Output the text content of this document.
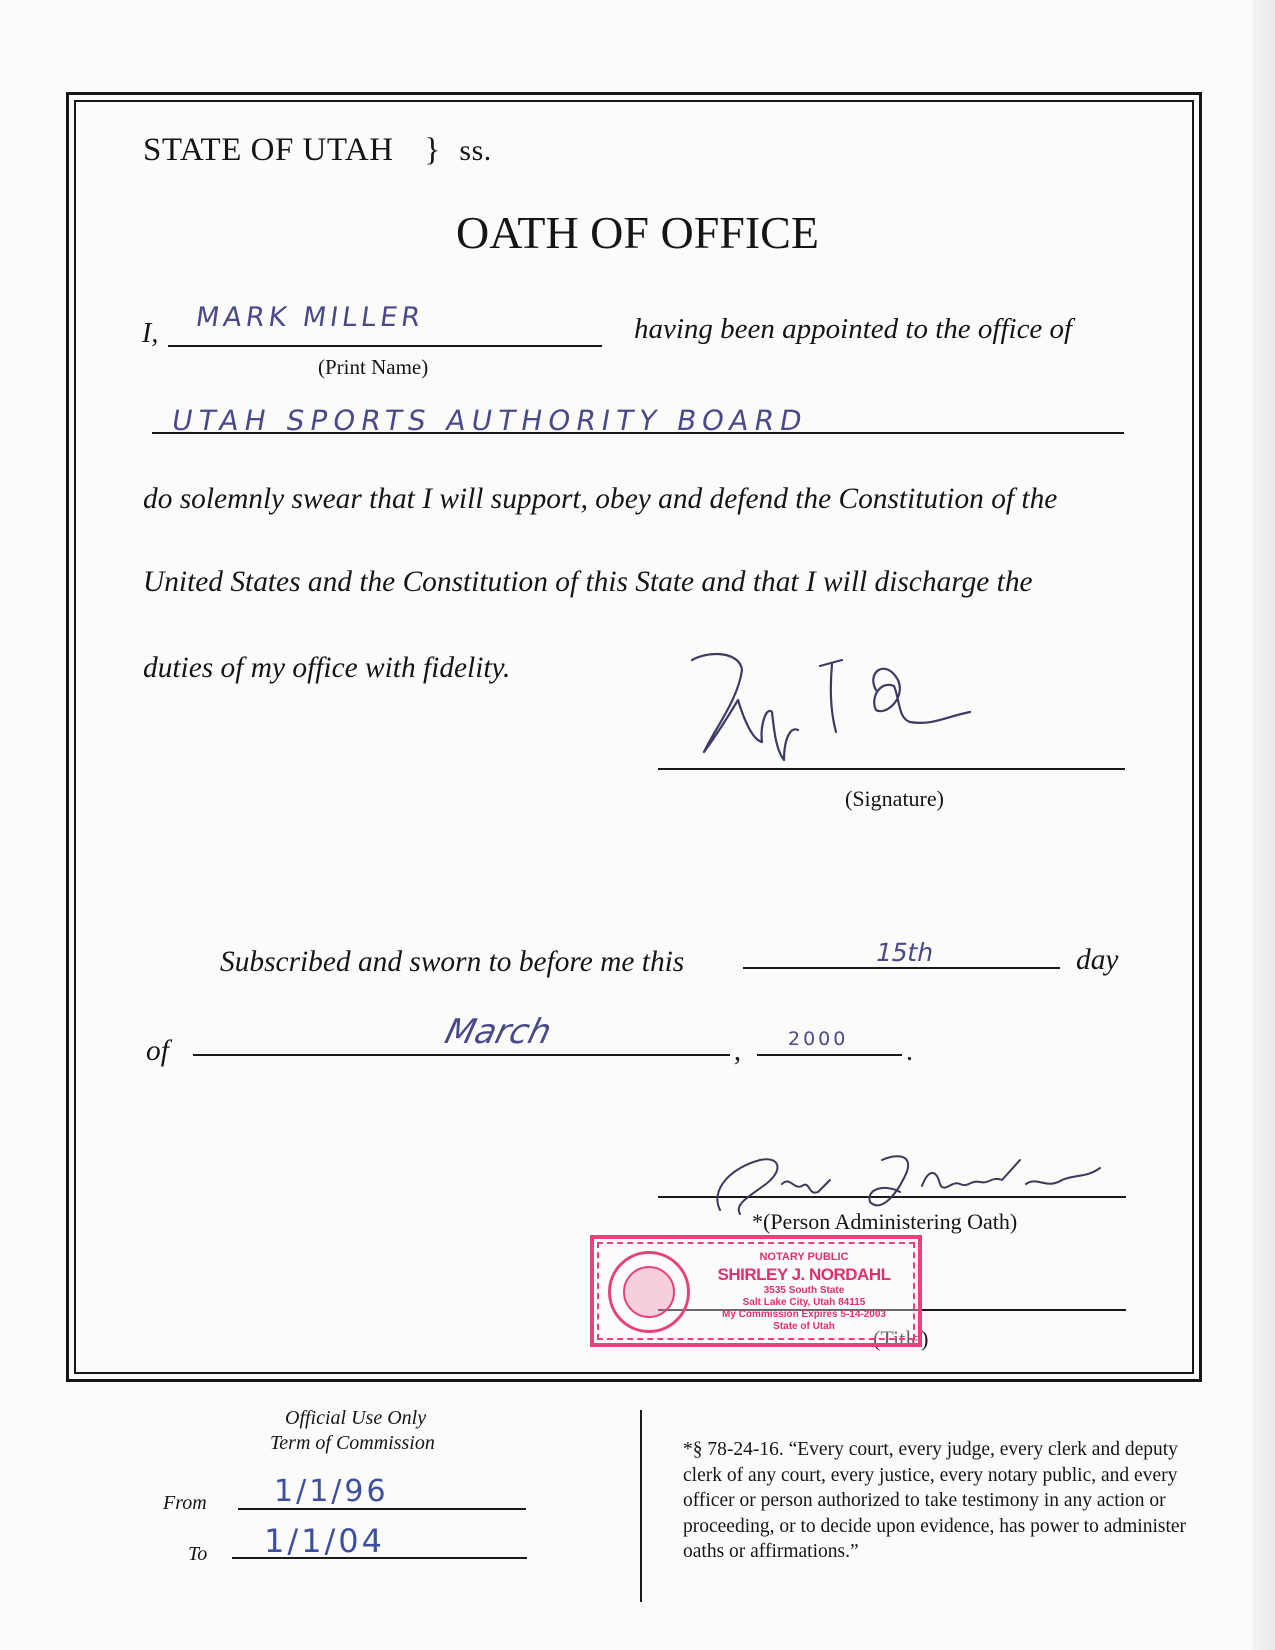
STATE OF UTAH } ss.
OATH OF OFFICE
I,
MARK MILLER
(Print Name)
having been appointed to the office of
UTAH SPORTS AUTHORITY BOARD
do solemnly swear that I will support, obey and defend the Constitution of the
United States and the Constitution of this State and that I will discharge the
duties of my office with fidelity.
(Signature)
Subscribed and sworn to before me this	15th	day
of	March	, 2000 .
*(Person Administering Oath)
(Title)
NOTARY PUBLIC
SHIRLEY J. NORDAHL
3535 South State
Salt Lake City, Utah 84115
My Commission Expires 5-14-2003
State of Utah
Official Use Only
Term of Commission
From 1/1/96
To 1/1/04
*§ 78-24-16. “Every court, every judge, every clerk and deputy clerk of any court, every justice, every notary public, and every officer or person authorized to take testimony in any action or proceeding, or to decide upon evidence, has power to administer oaths or affirmations.”
